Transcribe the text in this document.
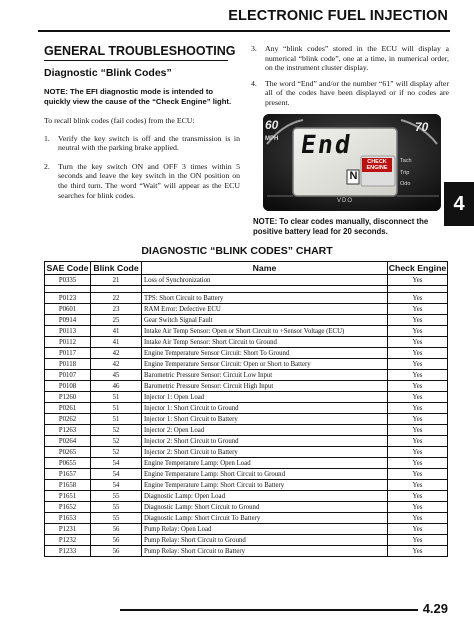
ELECTRONIC FUEL INJECTION
GENERAL TROUBLESHOOTING
Diagnostic “Blink Codes”
NOTE: The EFI diagnostic mode is intended to quickly view the cause of the “Check Engine” light.
To recall blink codes (fail codes) from the ECU:
1.	Verify the key switch is off and the transmission is in neutral with the parking brake applied.
2.	Turn the key switch ON and OFF 3 times within 5 seconds and leave the key switch in the ON position on the third turn. The word “Wait” will appear as the ECU searches for blink codes.
3.	Any “blink codes” stored in the ECU will display a numerical “blink code”, one at a time, in numerical order, on the instrument cluster display.
4.	The word “End” and/or the number “61” will display after all of the codes have been displayed or if no codes are present.
60	70
MPH End
N
CHECK ENGINE
Tach
Trip
Odo
VDO
NOTE: To clear codes manually, disconnect the positive battery lead for 20 seconds.
4
DIAGNOSTIC “BLINK CODES” CHART
SAE Code	Blink Code	Name	Check Engine
P0335	21	Loss of Synchronization	Yes

P0123	22	TPS: Short Circuit to Battery	Yes
P0601	23	RAM Error: Defective ECU	Yes
P0914	25	Gear Switch Signal Fault	Yes
P0113	41	Intake Air Temp Sensor: Open or Short Circuit to +Sensor Voltage (ECU)	Yes
P0112	41	Intake Air Temp Sensor: Short Circuit to Ground	Yes
P0117	42	Engine Temperature Sensor Circuit: Short To Ground	Yes
P0118	42	Engine Temperature Sensor Circuit: Open or Short to Battery	Yes
P0107	45	Barometric Pressure Sensor: Circuit Low Input	Yes
P0108	46	Barometric Pressure Sensor: Circuit High Input	Yes
P1260	51	Injector 1: Open Load	Yes
P0261	51	Injector 1: Short Circuit to Ground	Yes
P0262	51	Injector 1: Short Circuit to Battery	Yes
P1263	52	Injector 2: Open Load	Yes
P0264	52	Injector 2: Short Circuit to Ground	Yes
P0265	52	Injector 2: Short Circuit to Battery	Yes
P0655	54	Engine Temperature Lamp: Open Load	Yes
P1657	54	Engine Temperature Lamp: Short Circuit to Ground	Yes
P1658	54	Engine Temperature Lamp: Short Circuit to Battery	Yes
P1651	55	Diagnostic Lamp: Open Load	Yes
P1652	55	Diagnostic Lamp: Short Circuit to Ground	Yes
P1653	55	Diagnostic Lamp: Short Circuit To Battery	Yes
P1231	56	Pump Relay: Open Load	Yes
P1232	56	Pump Relay: Short Circuit to Ground	Yes
P1233	56	Pump Relay: Short Circuit to Battery	Yes
4.29
